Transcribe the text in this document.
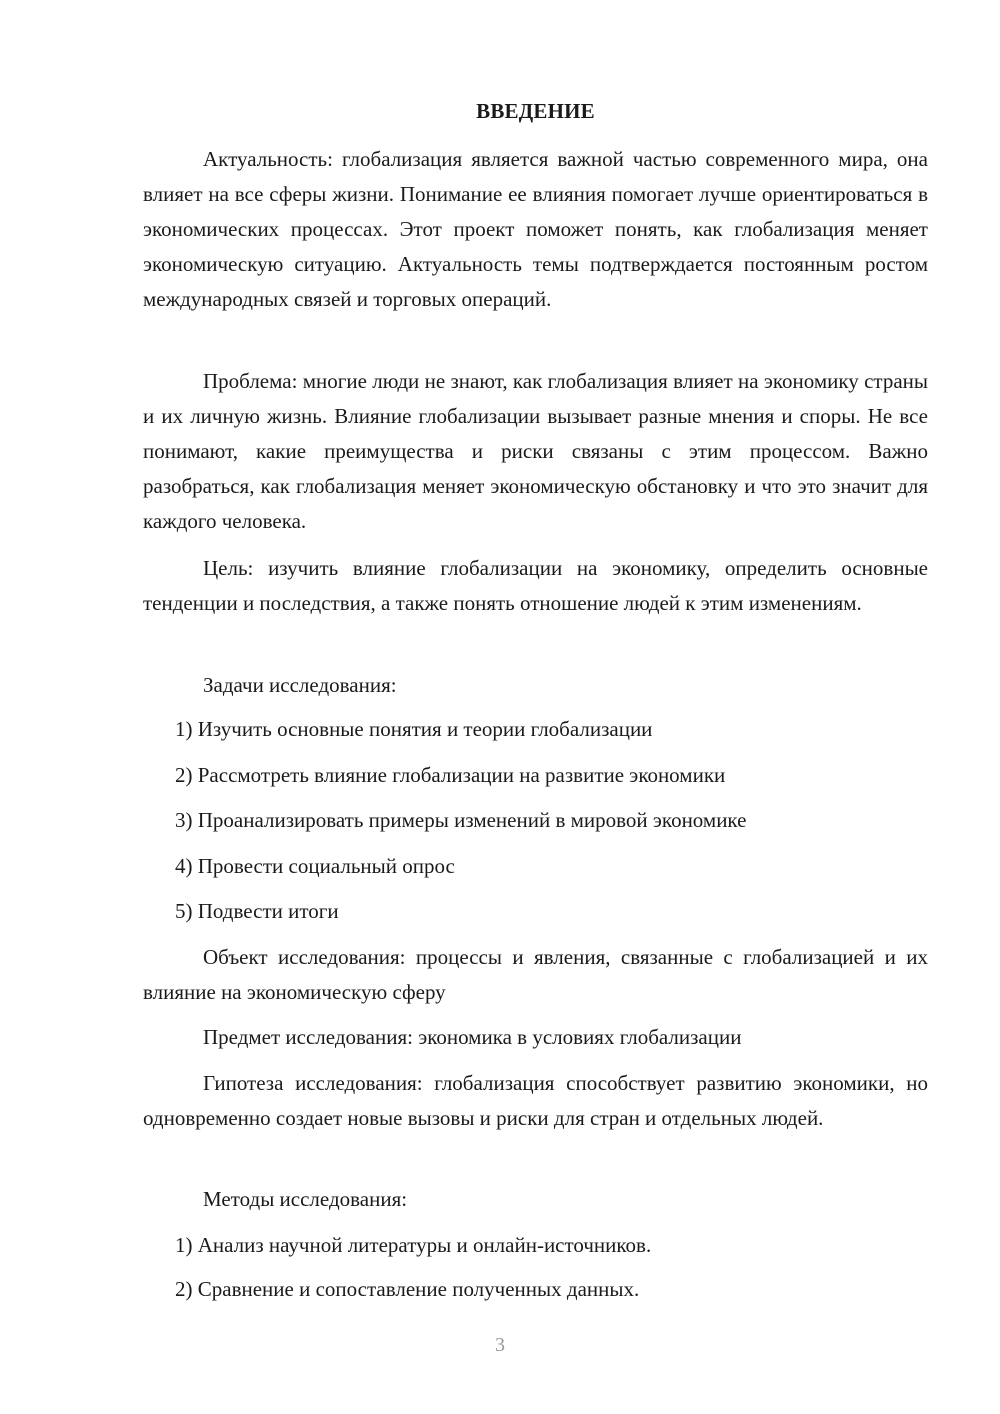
ВВЕДЕНИЕ

Актуальность: глобализация является важной частью современного мира, она влияет на все сферы жизни. Понимание ее влияния помогает лучше ориентироваться в экономических процессах. Этот проект поможет понять, как глобализация меняет экономическую ситуацию. Актуальность темы подтверждается постоянным ростом международных связей и торговых операций.

Проблема: многие люди не знают, как глобализация влияет на экономику страны и их личную жизнь. Влияние глобализации вызывает разные мнения и споры. Не все понимают, какие преимущества и риски связаны с этим процессом. Важно разобраться, как глобализация меняет экономическую обстановку и что это значит для каждого человека.

Цель: изучить влияние глобализации на экономику, определить основные тенденции и последствия, а также понять отношение людей к этим изменениям.

Задачи исследования:

1) Изучить основные понятия и теории глобализации

2) Рассмотреть влияние глобализации на развитие экономики

3) Проанализировать примеры изменений в мировой экономике

4) Провести социальный опрос

5) Подвести итоги

Объект исследования: процессы и явления, связанные с глобализацией и их влияние на экономическую сферу

Предмет исследования: экономика в условиях глобализации

Гипотеза исследования: глобализация способствует развитию экономики, но одновременно создает новые вызовы и риски для стран и отдельных людей.

Методы исследования:

1) Анализ научной литературы и онлайн-источников.

2) Сравнение и сопоставление полученных данных.

3
